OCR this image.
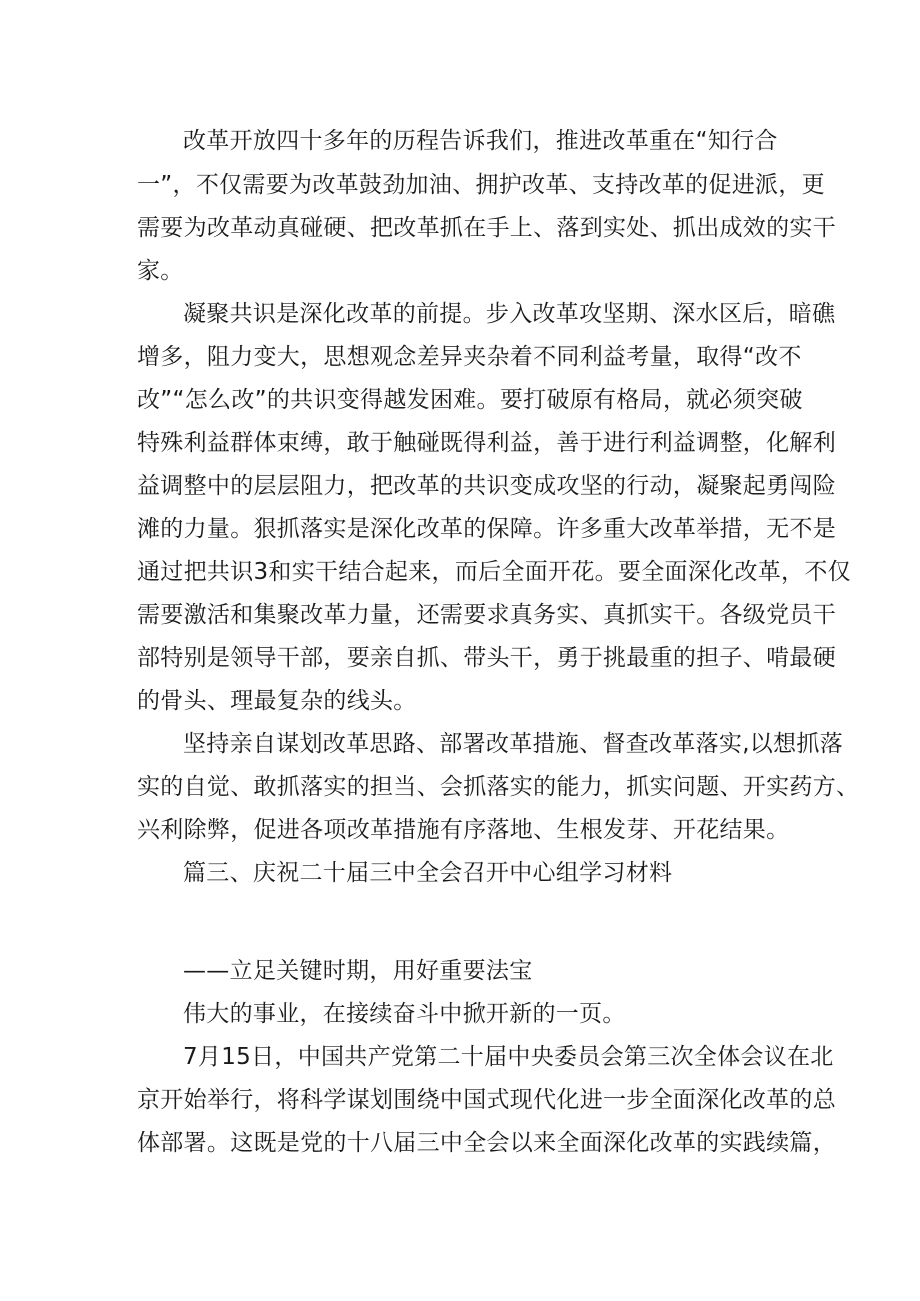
改革开放四十多年的历程告诉我们，推进改革重在“知行合
一”，不仅需要为改革鼓劲加油、拥护改革、支持改革的促进派，更
需要为改革动真碰硬、把改革抓在手上、落到实处、抓出成效的实干
家。
凝聚共识是深化改革的前提。步入改革攻坚期、深水区后，暗礁
增多，阻力变大，思想观念差异夹杂着不同利益考量，取得“改不
改”“怎么改”的共识变得越发困难。要打破原有格局，就必须突破
特殊利益群体束缚，敢于触碰既得利益，善于进行利益调整，化解利
益调整中的层层阻力，把改革的共识变成攻坚的行动，凝聚起勇闯险
滩的力量。狠抓落实是深化改革的保障。许多重大改革举措，无不是
通过把共识3和实干结合起来，而后全面开花。要全面深化改革，不仅
需要激活和集聚改革力量，还需要求真务实、真抓实干。各级党员干
部特别是领导干部，要亲自抓、带头干，勇于挑最重的担子、啃最硬
的骨头、理最复杂的线头。
坚持亲自谋划改革思路、部署改革措施、督查改革落实,以想抓落
实的自觉、敢抓落实的担当、会抓落实的能力，抓实问题、开实药方、
兴利除弊，促进各项改革措施有序落地、生根发芽、开花结果。
篇三、庆祝二十届三中全会召开中心组学习材料
——立足关键时期，用好重要法宝
伟大的事业，在接续奋斗中掀开新的一页。
7月15日，中国共产党第二十届中央委员会第三次全体会议在北
京开始举行，将科学谋划围绕中国式现代化进一步全面深化改革的总
体部署。这既是党的十八届三中全会以来全面深化改革的实践续篇，
